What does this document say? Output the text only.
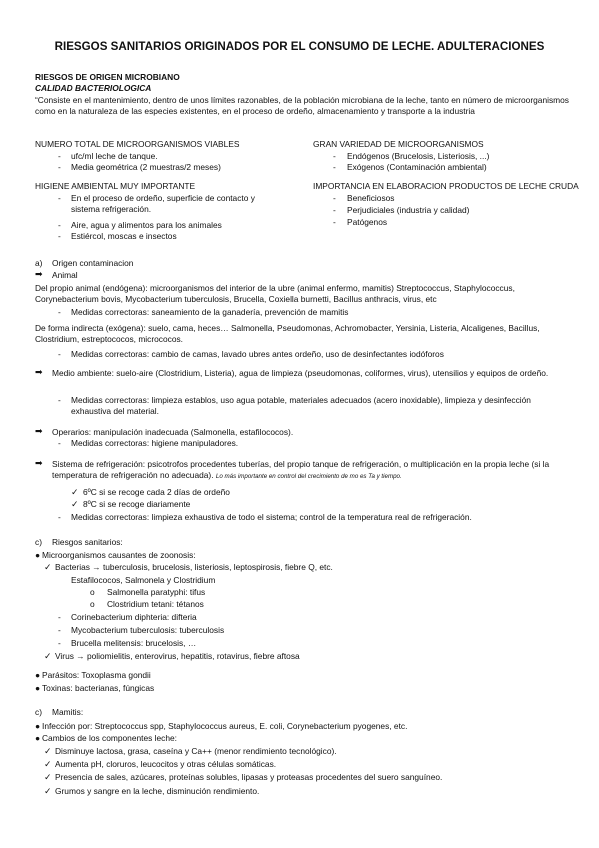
RIESGOS SANITARIOS ORIGINADOS POR EL CONSUMO DE LECHE. ADULTERACIONES
RIESGOS DE ORIGEN MICROBIANO
CALIDAD BACTERIOLOGICA
“Consiste en el mantenimiento, dentro de unos límites razonables, de la población microbiana de la leche, tanto en número de microorganismos como en la naturaleza de las especies existentes, en el proceso de ordeño, almacenamiento y transporte a la industria
NUMERO TOTAL DE MICROORGANISMOS VIABLES
- ufc/ml leche de tanque.
- Media geométrica (2 muestras/2 meses)
HIGIENE AMBIENTAL MUY IMPORTANTE
- En el proceso de ordeño, superficie de contacto y sistema refrigeración.
- Aire, agua y alimentos para los animales
- Estiércol, moscas e insectos
GRAN VARIEDAD DE MICROORGANISMOS
- Endógenos (Brucelosis, Listeriosis, ...)
- Exógenos (Contaminación ambiental)
IMPORTANCIA EN ELABORACION PRODUCTOS DE LECHE CRUDA
- Beneficiosos
- Perjudiciales (industria y calidad)
- Patógenos
a) Origen contaminacion
➡ Animal
Del propio animal (endógena): microorganismos del interior de la ubre (animal enfermo, mamitis) Streptococcus, Staphylococcus, Corynebacterium bovis, Mycobacterium tuberculosis, Brucella, Coxiella burnetti, Bacillus anthracis, virus, etc
- Medidas correctoras: saneamiento de la ganadería, prevención de mamitis
De forma indirecta (exógena): suelo, cama, heces… Salmonella, Pseudomonas, Achromobacter, Yersinia, Listeria, Alcaligenes, Bacillus, Clostridium, estreptococos, micrococos.
- Medidas correctoras: cambio de camas, lavado ubres antes ordeño, uso de desinfectantes iodóforos
➡ Medio ambiente: suelo-aire (Clostridium, Listeria), agua de limpieza (pseudomonas, coliformes, virus), utensilios y equipos de ordeño.
- Medidas correctoras: limpieza establos, uso agua potable, materiales adecuados (acero inoxidable), limpieza y desinfección exhaustiva del material.
➡ Operarios: manipulación inadecuada (Salmonella, estafilococos).
- Medidas correctoras: higiene manipuladores.
➡ Sistema de refrigeración: psicotrofos procedentes tuberías, del propio tanque de refrigeración, o multiplicación en la propia leche (si la temperatura de refrigeración no adecuada). Lo más importante en control del crecimiento de mo es Ta y tiempo.
✓ 6ºC si se recoge cada 2 días de ordeño
✓ 8ºC si se recoge diariamente
- Medidas correctoras: limpieza exhaustiva de todo el sistema; control de la temperatura real de refrigeración.
c) Riesgos sanitarios:
● Microorganismos causantes de zoonosis:
✓ Bacterias → tuberculosis, brucelosis, listeriosis, leptospirosis, fiebre Q, etc.
Estafilococos, Salmonela y Clostridium
o Salmonella paratyphi: tifus
o Clostridium tetani: tétanos
- Corinebacterium diphteria: difteria
- Mycobacterium tuberculosis: tuberculosis
- Brucella melitensis: brucelosis, …
✓ Virus → poliomielitis, enterovirus, hepatitis, rotavirus, fiebre aftosa
● Parásitos: Toxoplasma gondii
● Toxinas: bacterianas, fúngicas
c) Mamitis:
● Infección por: Streptococcus spp, Staphylococcus aureus, E. coli, Corynebacterium pyogenes, etc.
● Cambios de los componentes leche:
✓ Disminuye lactosa, grasa, caseína y Ca++ (menor rendimiento tecnológico).
✓ Aumenta pH, cloruros, leucocitos y otras células somáticas.
✓ Presencia de sales, azúcares, proteínas solubles, lipasas y proteasas procedentes del suero sanguíneo.
✓ Grumos y sangre en la leche, disminución rendimiento.
